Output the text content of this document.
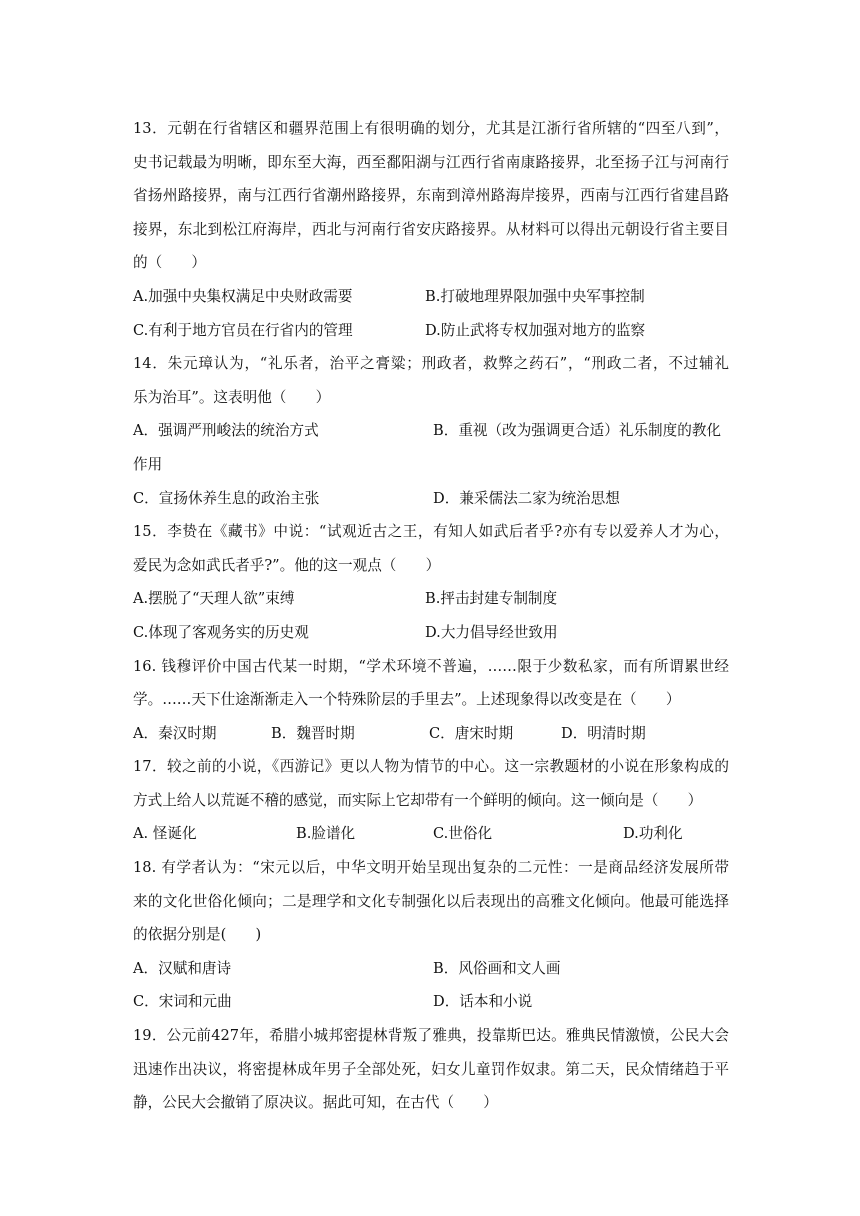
13．元朝在行省辖区和疆界范围上有很明确的划分，尤其是江浙行省所辖的“四至八到”，
史书记载最为明晰，即东至大海，西至鄱阳湖与江西行省南康路接界，北至扬子江与河南行
省扬州路接界，南与江西行省潮州路接界，东南到漳州路海岸接界，西南与江西行省建昌路
接界，东北到松江府海岸，西北与河南行省安庆路接界。从材料可以得出元朝设行省主要目
的（　　）
A.加强中央集权满足中央财政需要	B.打破地理界限加强中央军事控制
C.有利于地方官员在行省内的管理	D.防止武将专权加强对地方的监察
14．朱元璋认为，“礼乐者，治平之膏粱；刑政者，救弊之药石”，“刑政二者，不过辅礼
乐为治耳”。这表明他（　　）
A．强调严刑峻法的统治方式	B．重视（改为强调更合适）礼乐制度的教化
作用
C．宣扬休养生息的政治主张	D．兼采儒法二家为统治思想
15．李贽在《藏书》中说：“试观近古之王，有知人如武后者乎?亦有专以爱养人才为心，
爱民为念如武氏者乎?”。他的这一观点（　　）
A.摆脱了“天理人欲”束缚	B.抨击封建专制制度
C.体现了客观务实的历史观	D.大力倡导经世致用
16. 钱穆评价中国古代某一时期，“学术环境不普遍，……限于少数私家，而有所谓累世经
学。……天下仕途渐渐走入一个特殊阶层的手里去”。上述现象得以改变是在（　　）
A．秦汉时期	B．魏晋时期	C．唐宋时期	D．明清时期
17．较之前的小说，《西游记》更以人物为情节的中心。这一宗教题材的小说在形象构成的
方式上给人以荒诞不稽的感觉，而实际上它却带有一个鲜明的倾向。这一倾向是（　　）
A. 怪诞化	B.脸谱化	C.世俗化	D.功利化
18. 有学者认为：“宋元以后，中华文明开始呈现出复杂的二元性：一是商品经济发展所带
来的文化世俗化倾向；二是理学和文化专制强化以后表现出的高雅文化倾向。他最可能选择
的依据分别是(　　)
A．汉赋和唐诗	B．风俗画和文人画
C．宋词和元曲	D．话本和小说
19．公元前427年，希腊小城邦密提林背叛了雅典，投靠斯巴达。雅典民情激愤，公民大会
迅速作出决议，将密提林成年男子全部处死，妇女儿童罚作奴隶。第二天，民众情绪趋于平
静，公民大会撤销了原决议。据此可知，在古代（　　）
